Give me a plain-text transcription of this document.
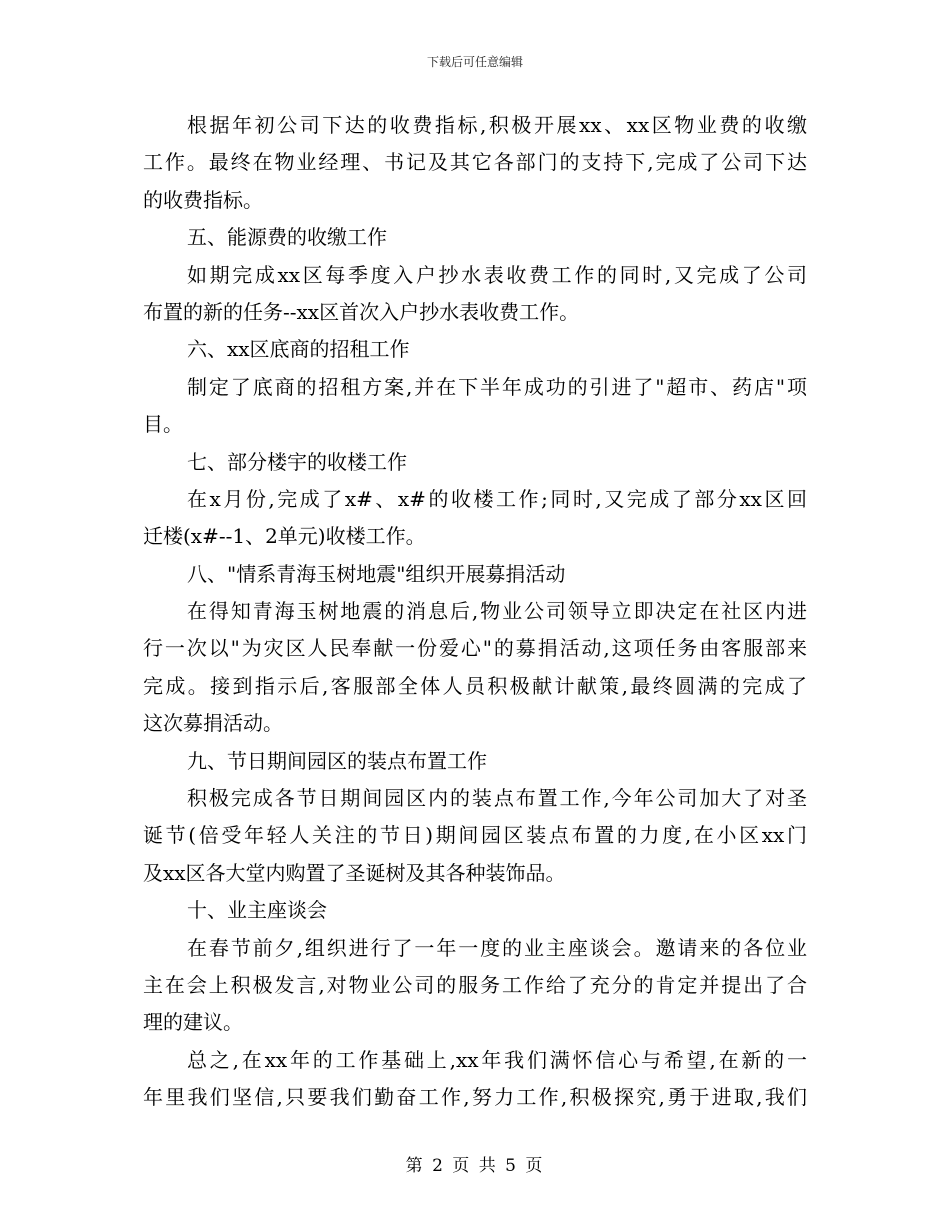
下载后可任意编辑
根据年初公司下达的收费指标,积极开展xx、xx区物业费的收缴
工作。最终在物业经理、书记及其它各部门的支持下,完成了公司下达
的收费指标。
五、能源费的收缴工作
如期完成xx区每季度入户抄水表收费工作的同时,又完成了公司
布置的新的任务--xx区首次入户抄水表收费工作。
六、xx区底商的招租工作
制定了底商的招租方案,并在下半年成功的引进了"超市、药店"项
目。
七、部分楼宇的收楼工作
在x月份,完成了x#、x#的收楼工作;同时,又完成了部分xx区回
迁楼(x#--1、2单元)收楼工作。
八、"情系青海玉树地震"组织开展募捐活动
在得知青海玉树地震的消息后,物业公司领导立即决定在社区内进
行一次以"为灾区人民奉献一份爱心"的募捐活动,这项任务由客服部来
完成。接到指示后,客服部全体人员积极献计献策,最终圆满的完成了
这次募捐活动。
九、节日期间园区的装点布置工作
积极完成各节日期间园区内的装点布置工作,今年公司加大了对圣
诞节(倍受年轻人关注的节日)期间园区装点布置的力度,在小区xx门
及xx区各大堂内购置了圣诞树及其各种装饰品。
十、业主座谈会
在春节前夕,组织进行了一年一度的业主座谈会。邀请来的各位业
主在会上积极发言,对物业公司的服务工作给了充分的肯定并提出了合
理的建议。
总之,在xx年的工作基础上,xx年我们满怀信心与希望,在新的一
年里我们坚信,只要我们勤奋工作,努力工作,积极探究,勇于进取,我们
第 2 页 共 5 页
